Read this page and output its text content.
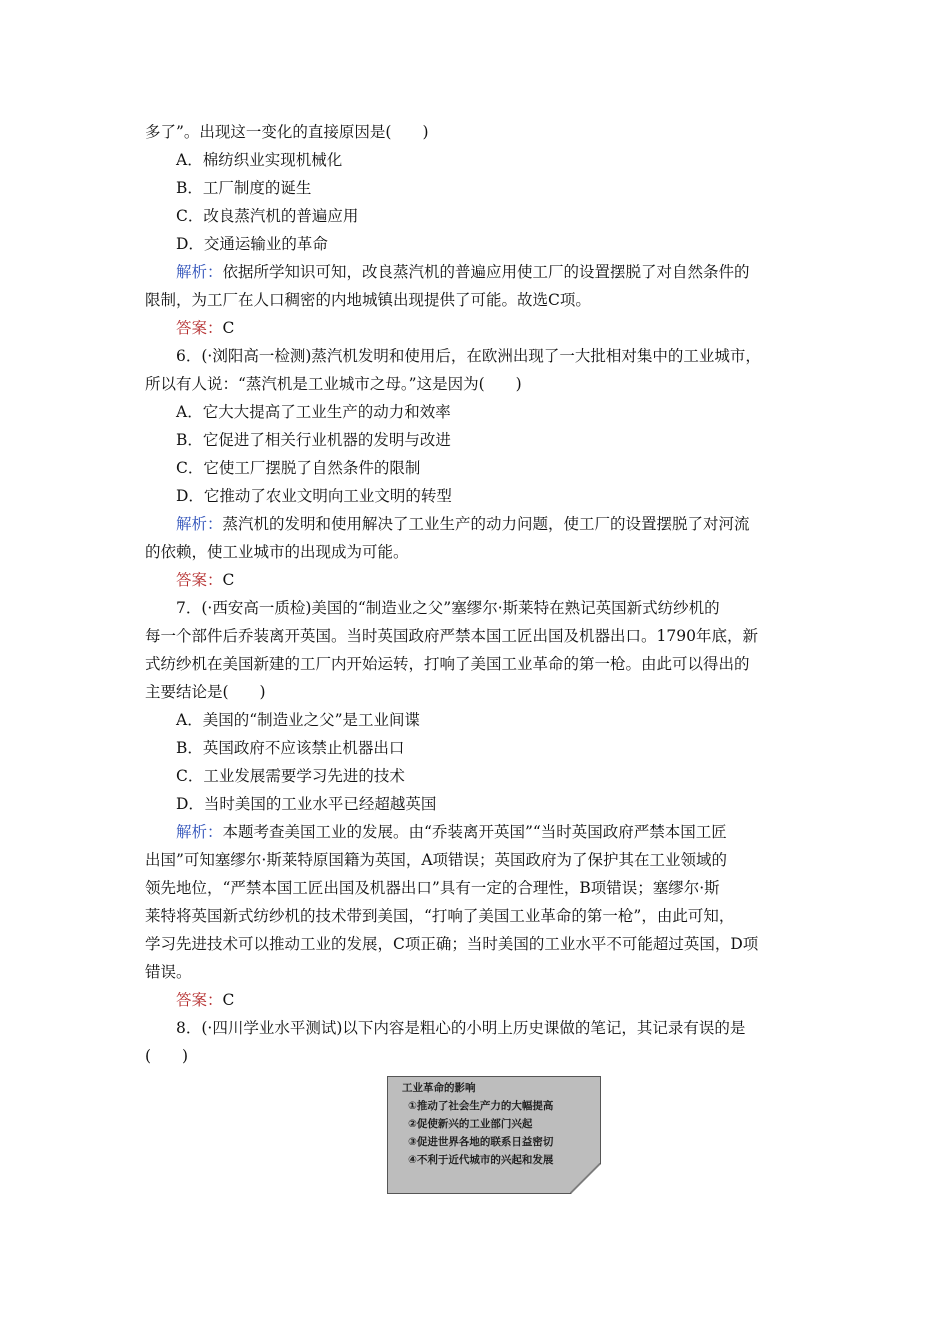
多了”。出现这一变化的直接原因是(　　)
A．棉纺织业实现机械化
B．工厂制度的诞生
C．改良蒸汽机的普遍应用
D．交通运输业的革命
解析：依据所学知识可知，改良蒸汽机的普遍应用使工厂的设置摆脱了对自然条件的
限制，为工厂在人口稠密的内地城镇出现提供了可能。故选C项。
答案：C
6．(·浏阳高一检测)蒸汽机发明和使用后，在欧洲出现了一大批相对集中的工业城市，
所以有人说：“蒸汽机是工业城市之母。”这是因为(　　)
A．它大大提高了工业生产的动力和效率
B．它促进了相关行业机器的发明与改进
C．它使工厂摆脱了自然条件的限制
D．它推动了农业文明向工业文明的转型
解析：蒸汽机的发明和使用解决了工业生产的动力问题，使工厂的设置摆脱了对河流
的依赖，使工业城市的出现成为可能。
答案：C
7．(·西安高一质检)美国的“制造业之父”塞缪尔·斯莱特在熟记英国新式纺纱机的
每一个部件后乔装离开英国。当时英国政府严禁本国工匠出国及机器出口。1790年底，新
式纺纱机在美国新建的工厂内开始运转，打响了美国工业革命的第一枪。由此可以得出的
主要结论是(　　)
A．美国的“制造业之父”是工业间谍
B．英国政府不应该禁止机器出口
C．工业发展需要学习先进的技术
D．当时美国的工业水平已经超越英国
解析：本题考查美国工业的发展。由“乔装离开英国”“当时英国政府严禁本国工匠
出国”可知塞缪尔·斯莱特原国籍为英国，A项错误；英国政府为了保护其在工业领域的
领先地位，“严禁本国工匠出国及机器出口”具有一定的合理性，B项错误；塞缪尔·斯
莱特将英国新式纺纱机的技术带到美国，“打响了美国工业革命的第一枪”，由此可知，
学习先进技术可以推动工业的发展，C项正确；当时美国的工业水平不可能超过英国，D项
错误。
答案：C
8．(·四川学业水平测试)以下内容是粗心的小明上历史课做的笔记，其记录有误的是
(　　)
工业革命的影响
①推动了社会生产力的大幅提高
②促使新兴的工业部门兴起
③促进世界各地的联系日益密切
④不利于近代城市的兴起和发展
